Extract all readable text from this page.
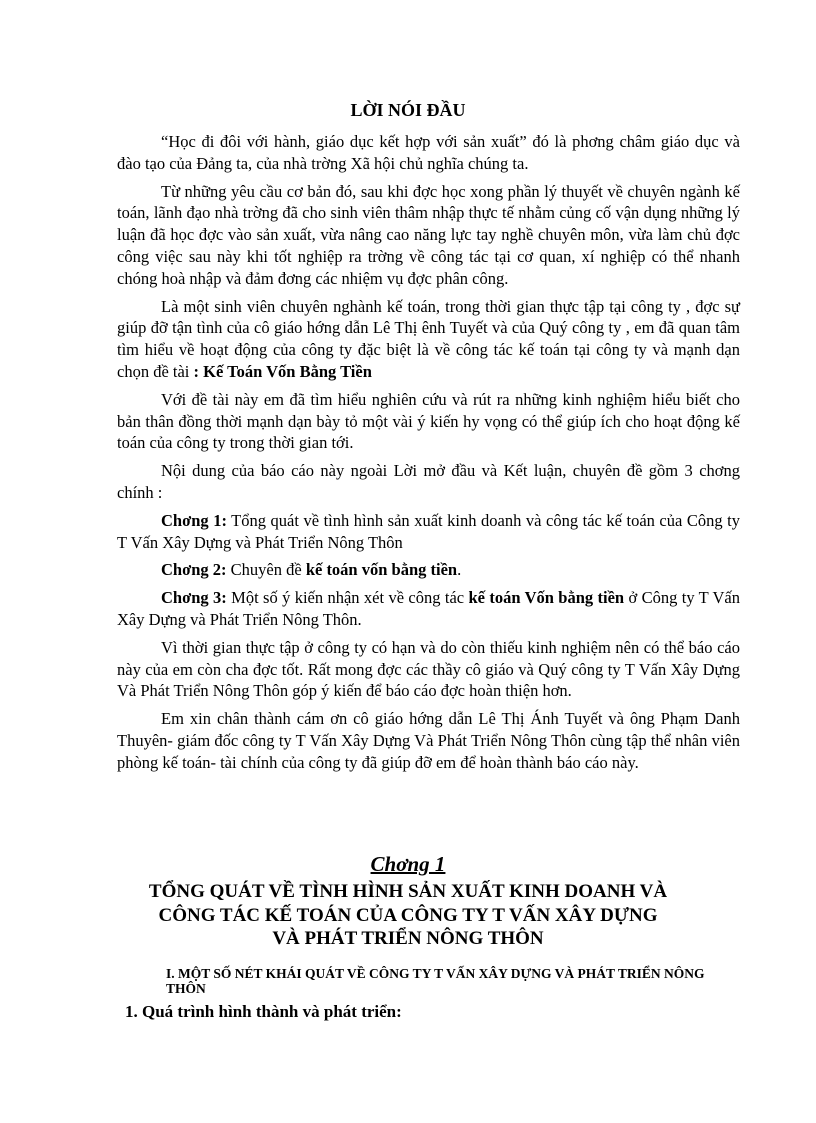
LỜI NÓI ĐẦU

“Học đi đôi với hành, giáo dục kết hợp với sản xuất” đó là phơng châm giáo dục và đào tạo của Đảng ta, của nhà trờng Xã hội chủ nghĩa chúng ta.

Từ những yêu cầu cơ bản đó, sau khi đợc học xong phần lý thuyết về chuyên ngành kế toán, lãnh đạo nhà trờng đã cho sinh viên thâm nhập thực tế nhằm củng cố vận dụng những lý luận đã học đợc vào sản xuất, vừa nâng cao năng lực tay nghề chuyên môn, vừa làm chủ đợc công việc sau này khi tốt nghiệp ra trờng về công tác tại cơ quan, xí nghiệp có thể nhanh chóng hoà nhập và đảm đơng các nhiệm vụ đợc phân công.

Là một sinh viên chuyên nghành kế toán, trong thời gian thực tập tại công ty , đợc sự giúp đỡ tận tình của cô giáo hớng dẫn Lê Thị ênh Tuyết và của Quý công ty , em đã quan tâm tìm hiểu về hoạt động của công ty đặc biệt là về công tác kế toán tại công ty và mạnh dạn chọn đề tài : Kế Toán Vốn Bằng Tiền

Với đề tài này em đã tìm hiểu nghiên cứu và rút ra những kinh nghiệm hiểu biết cho bản thân đồng thời mạnh dạn bày tỏ một vài ý kiến hy vọng có thể giúp ích cho hoạt động kế toán của công ty trong thời gian tới.

Nội dung của báo cáo này ngoài Lời mở đầu và Kết luận, chuyên đề gồm 3 chơng chính :

Chơng 1: Tổng quát về tình hình sản xuất kinh doanh và công tác kế toán của Công ty T Vấn Xây Dựng và Phát Triển Nông Thôn

Chơng 2: Chuyên đề kế toán vốn bằng tiền.

Chơng 3: Một số ý kiến nhận xét về công tác kế toán Vốn bằng tiền ở Công ty T Vấn Xây Dựng và Phát Triển Nông Thôn.

Vì thời gian thực tập ở công ty có hạn và do còn thiếu kinh nghiệm nên có thể báo cáo này của em còn cha đợc tốt. Rất mong đợc các thầy cô giáo và Quý công ty T Vấn Xây Dựng Và Phát Triển Nông Thôn góp ý kiến để báo cáo đợc hoàn thiện hơn.

Em xin chân thành cám ơn cô giáo hớng dẫn Lê Thị Ánh Tuyết và ông Phạm Danh Thuyên- giám đốc công ty T Vấn Xây Dựng Và Phát Triển Nông Thôn cùng tập thể nhân viên phòng kế toán- tài chính của công ty đã giúp đỡ em để hoàn thành báo cáo này.

Chơng 1
TỔNG QUÁT VỀ TÌNH HÌNH SẢN XUẤT KINH DOANH VÀ
CÔNG TÁC KẾ TOÁN CỦA CÔNG TY T VẤN XÂY DỰNG
VÀ PHÁT TRIỂN NÔNG THÔN
I. MỘT SỐ NÉT KHÁI QUÁT VỀ CÔNG TY T VẤN XÂY DỰNG VÀ PHÁT TRIỂN NÔNG THÔN
1. Quá trình hình thành và phát triển:
